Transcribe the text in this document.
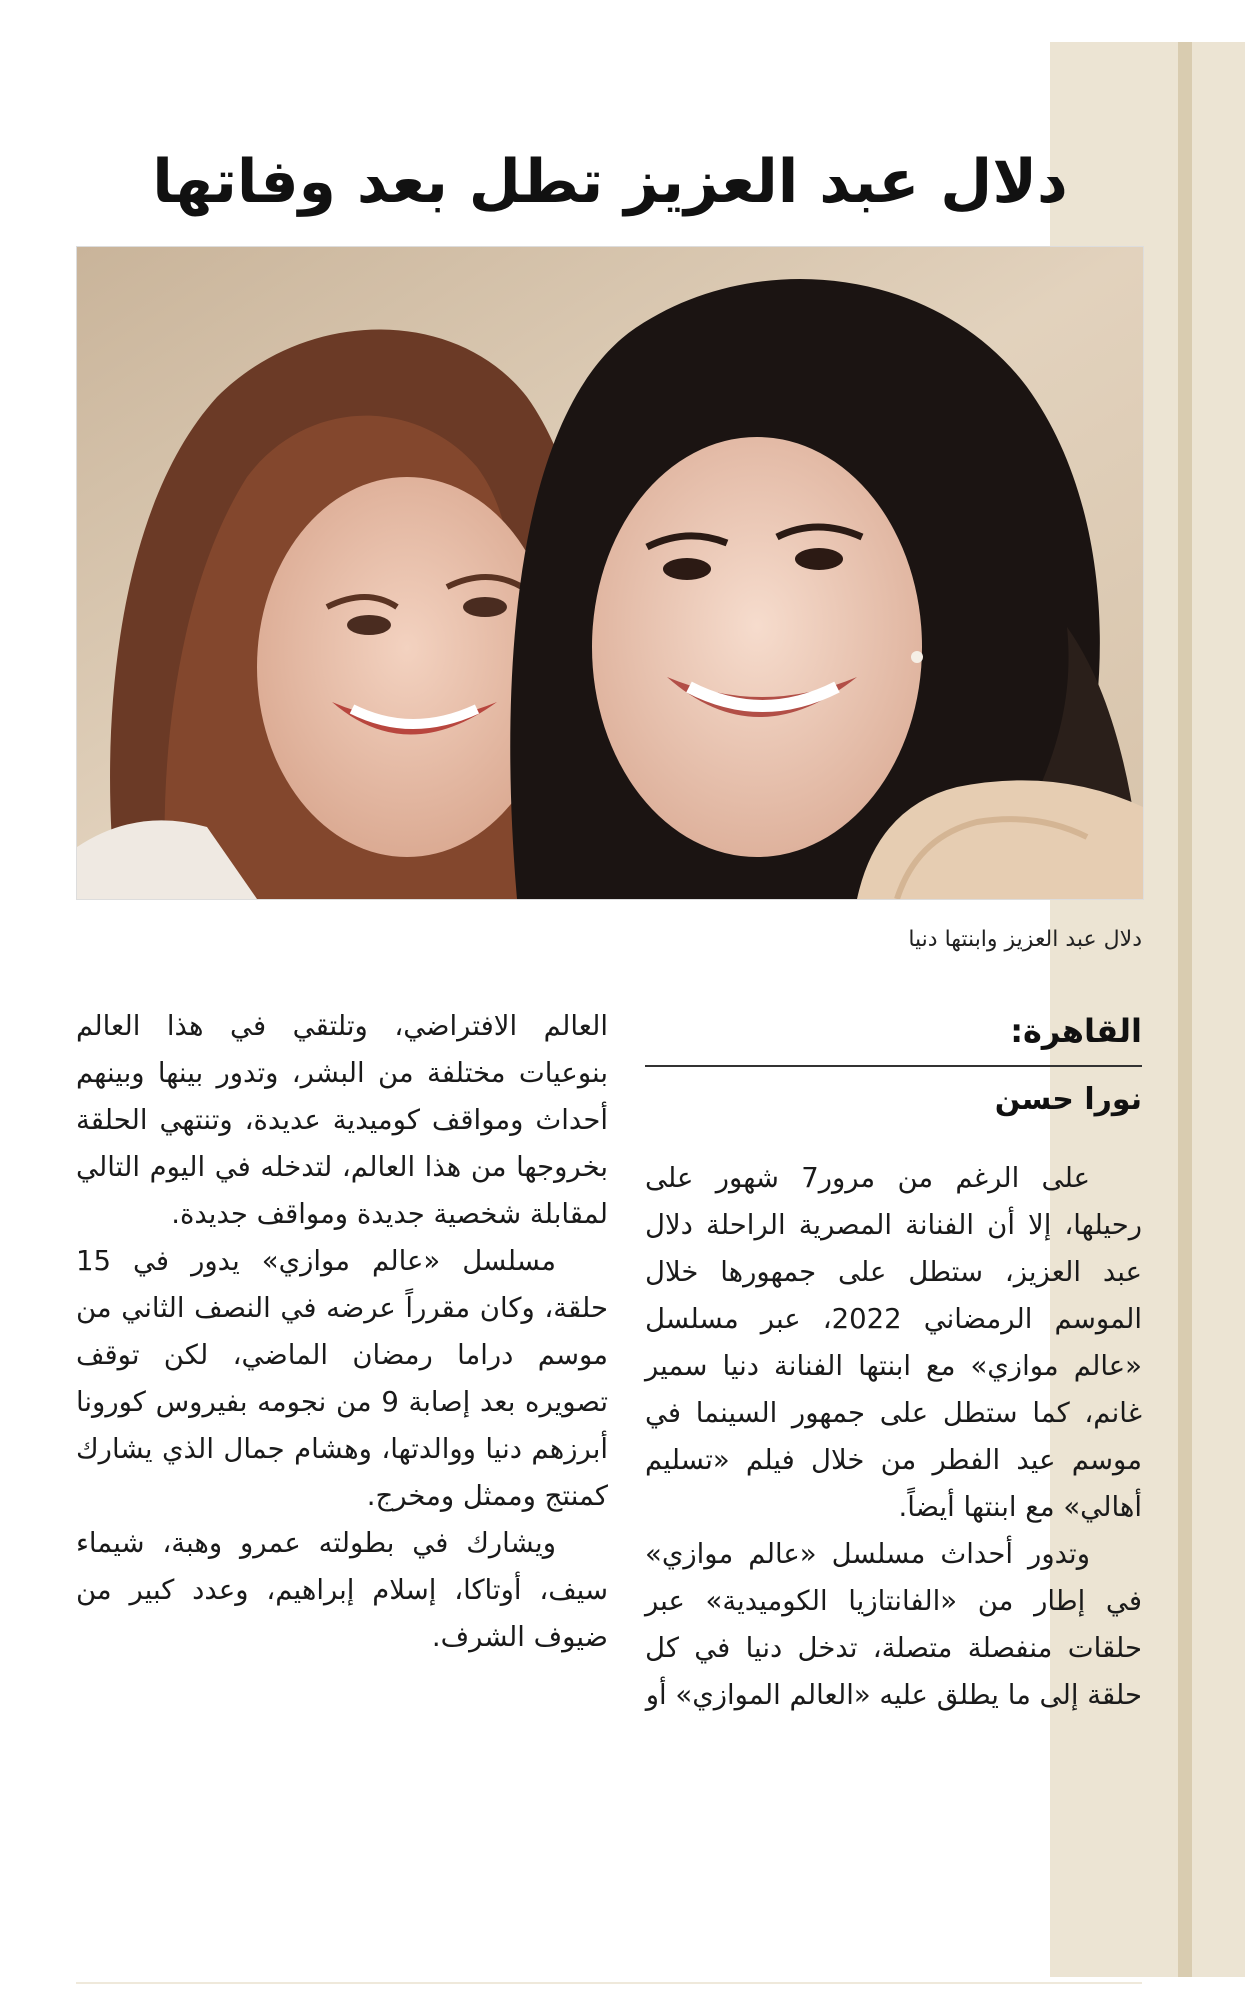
دلال عبد العزيز تطل بعد وفاتها
دلال عبد العزيز وابنتها دنيا
القاهرة:
نورا حسن

على الرغم من مرور7 شهور على رحيلها، إلا أن الفنانة المصرية الراحلة دلال عبد العزيز، ستطل على جمهورها خلال الموسم الرمضاني 2022، عبر مسلسل «عالم موازي» مع ابنتها الفنانة دنيا سمير غانم، كما ستطل على جمهور السينما في موسم عيد الفطر من خلال فيلم «تسليم أهالي» مع ابنتها أيضاً.

وتدور أحداث مسلسل «عالم موازي» في إطار من «الفانتازيا الكوميدية» عبر حلقات منفصلة متصلة، تدخل دنيا في كل حلقة إلى ما يطلق عليه «العالم الموازي» أو

العالم الافتراضي، وتلتقي في هذا العالم بنوعيات مختلفة من البشر، وتدور بينها وبينهم أحداث ومواقف كوميدية عديدة، وتنتهي الحلقة بخروجها من هذا العالم، لتدخله في اليوم التالي لمقابلة شخصية جديدة ومواقف جديدة.

مسلسل «عالم موازي» يدور في 15 حلقة، وكان مقرراً عرضه في النصف الثاني من موسم دراما رمضان الماضي، لكن توقف تصويره بعد إصابة 9 من نجومه بفيروس كورونا أبرزهم دنيا ووالدتها، وهشام جمال الذي يشارك كمنتج وممثل ومخرج.

ويشارك في بطولته عمرو وهبة، شيماء سيف، أوتاكا، إسلام إبراهيم، وعدد كبير من ضيوف الشرف.
